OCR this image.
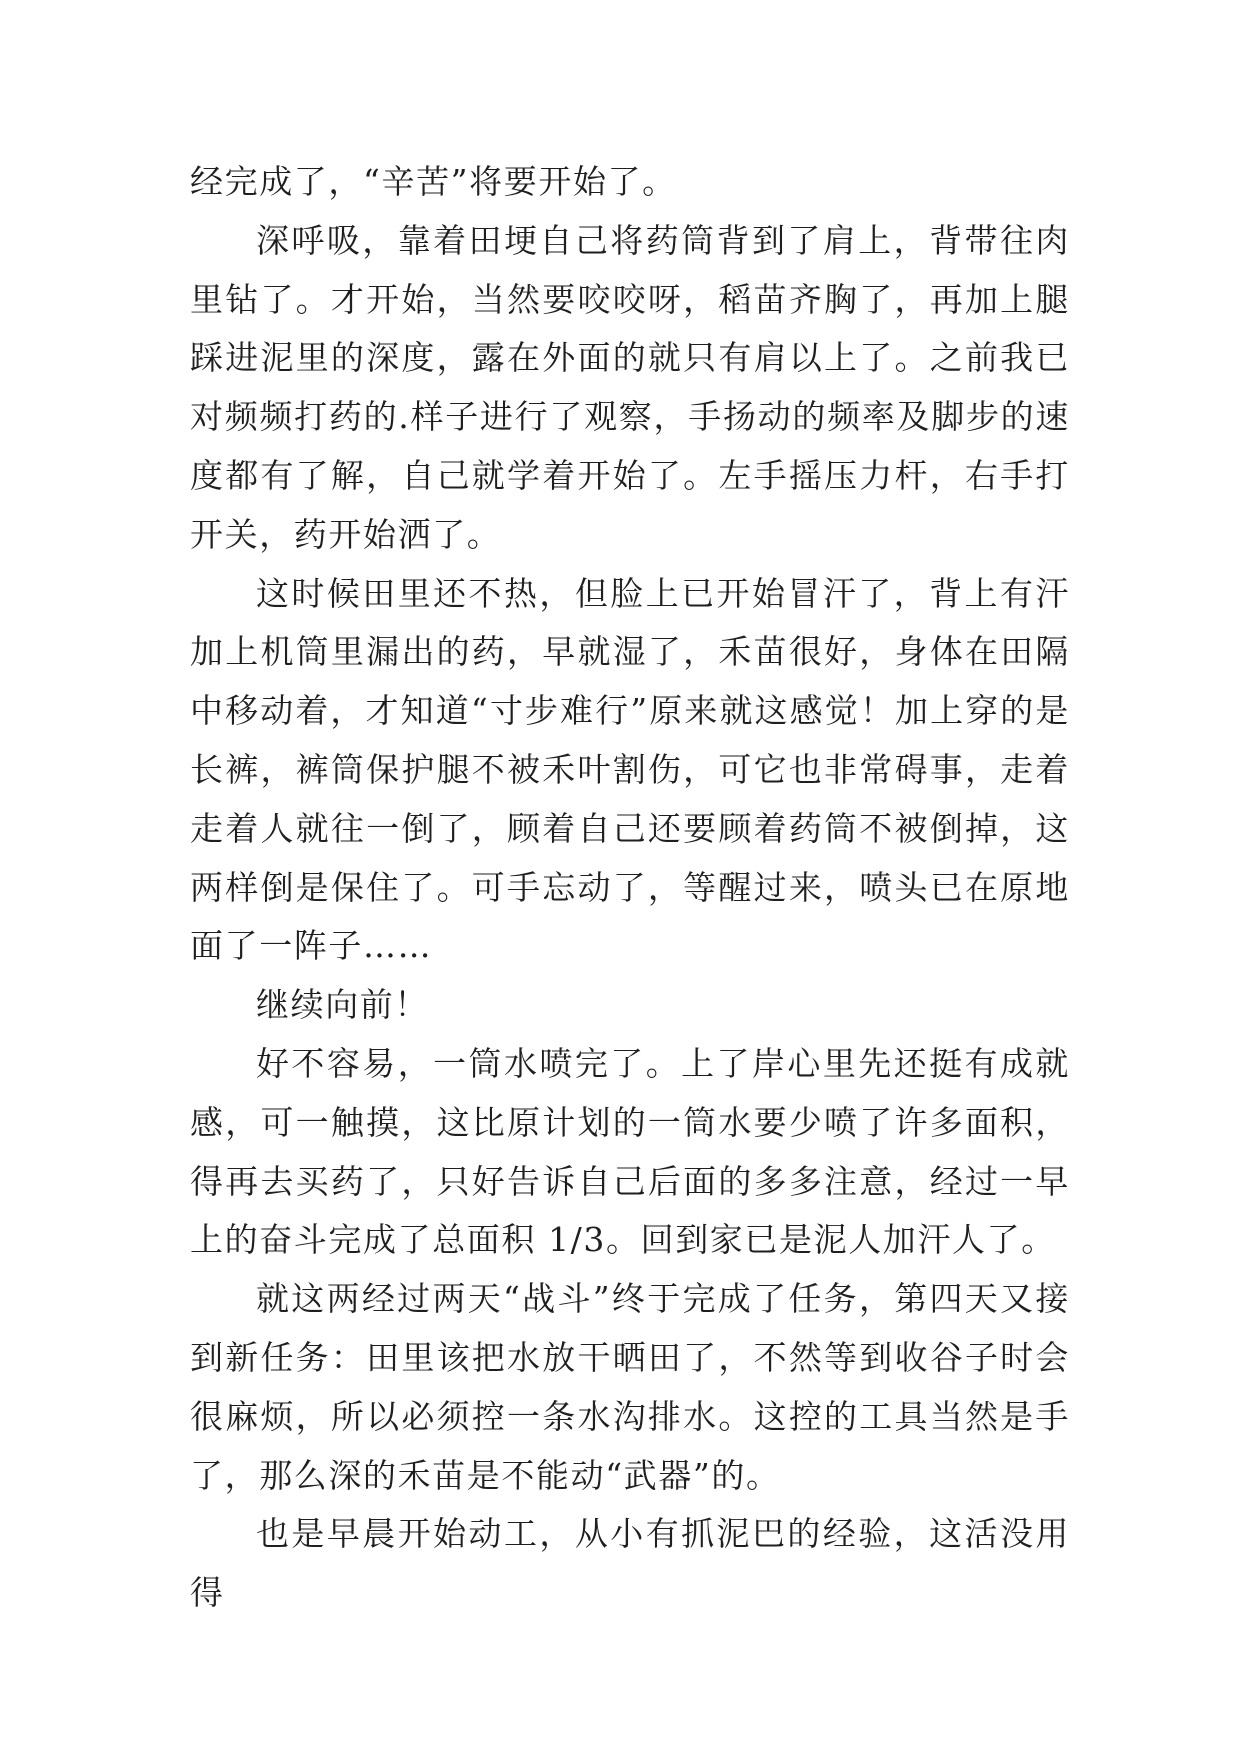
经完成了，“辛苦”将要开始了。

深呼吸，靠着田埂自己将药筒背到了肩上，背带往肉里钻了。才开始，当然要咬咬呀，稻苗齐胸了，再加上腿踩进泥里的深度，露在外面的就只有肩以上了。之前我已对频频打药的.样子进行了观察，手扬动的频率及脚步的速度都有了解，自己就学着开始了。左手摇压力杆，右手打开关，药开始洒了。

这时候田里还不热，但脸上已开始冒汗了，背上有汗加上机筒里漏出的药，早就湿了，禾苗很好，身体在田隔中移动着，才知道“寸步难行”原来就这感觉！加上穿的是长裤，裤筒保护腿不被禾叶割伤，可它也非常碍事，走着走着人就往一倒了，顾着自己还要顾着药筒不被倒掉，这两样倒是保住了。可手忘动了，等醒过来，喷头已在原地面了一阵子……

继续向前！

好不容易，一筒水喷完了。上了岸心里先还挺有成就感，可一触摸，这比原计划的一筒水要少喷了许多面积，得再去买药了，只好告诉自己后面的多多注意，经过一早上的奋斗完成了总面积 1/3。回到家已是泥人加汗人了。

就这两经过两天“战斗”终于完成了任务，第四天又接到新任务：田里该把水放干晒田了，不然等到收谷子时会很麻烦，所以必须控一条水沟排水。这控的工具当然是手了，那么深的禾苗是不能动“武器”的。

也是早晨开始动工，从小有抓泥巴的经验，这活没用得
